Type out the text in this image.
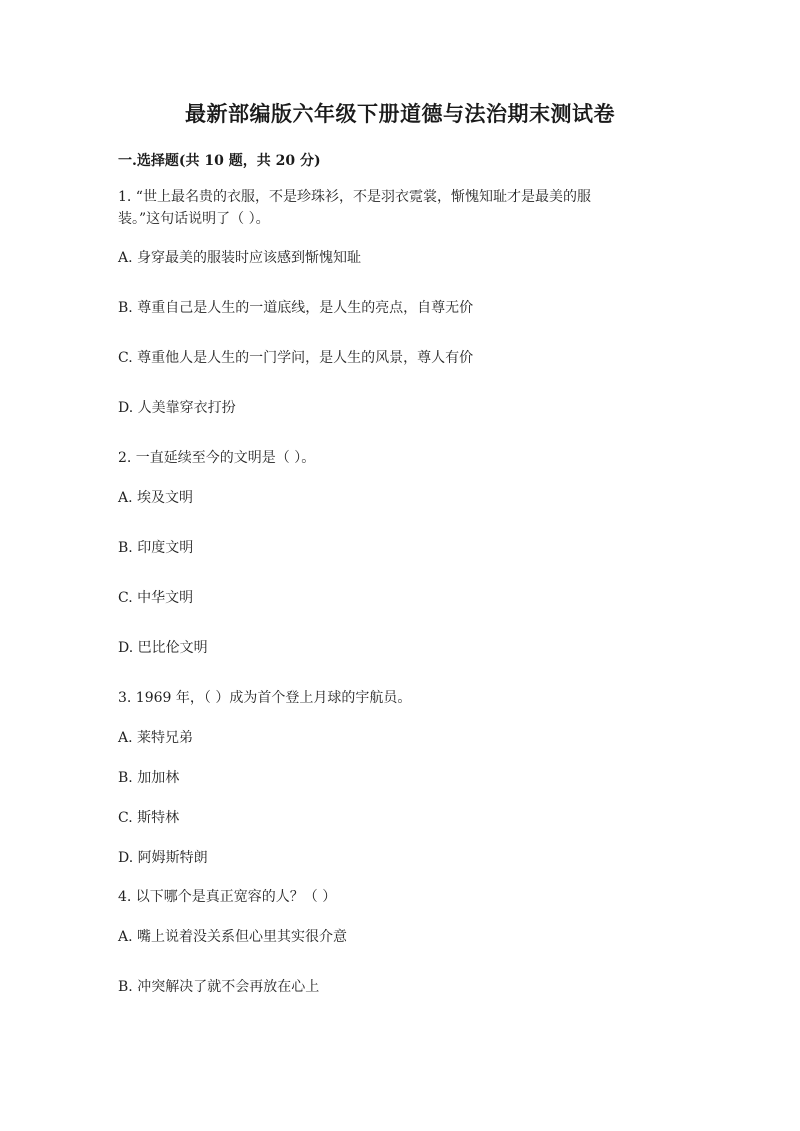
最新部编版六年级下册道德与法治期末测试卷
一.选择题(共 10 题，共 20 分)
1. “世上最名贵的衣服，不是珍珠衫，不是羽衣霓裳，惭愧知耻才是最美的服
装。”这句话说明了（ ）。
A. 身穿最美的服装时应该感到惭愧知耻
B. 尊重自己是人生的一道底线，是人生的亮点，自尊无价
C. 尊重他人是人生的一门学问，是人生的风景，尊人有价
D. 人美靠穿衣打扮
2. 一直延续至今的文明是（ ）。
A. 埃及文明
B. 印度文明
C. 中华文明
D. 巴比伦文明
3. 1969 年，（ ）成为首个登上月球的宇航员。
A. 莱特兄弟
B. 加加林
C. 斯特林
D. 阿姆斯特朗
4. 以下哪个是真正宽容的人？（ ）
A. 嘴上说着没关系但心里其实很介意
B. 冲突解决了就不会再放在心上
